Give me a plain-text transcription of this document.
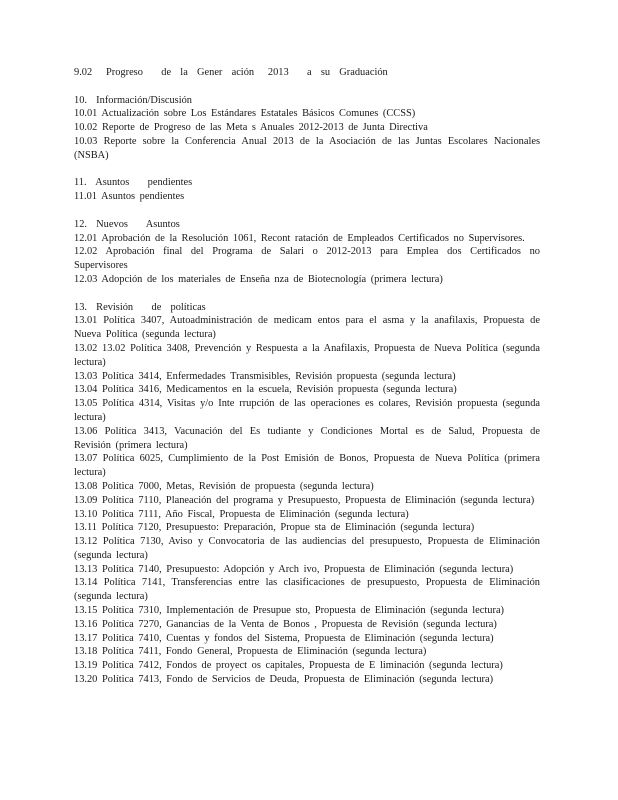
9.02   Progreso    de  la  Gener  ación   2013    a  su  Graduación
10.  Información/Discusión
10.01 Actualización sobre Los Estándares Estatales Básicos Comunes (CCSS)
10.02 Reporte de Progreso de las Meta s Anuales 2012-2013 de Junta Directiva
10.03 Reporte sobre la Conferencia Anual 2013 de la Asociación de las Juntas Escolares Nacionales (NSBA)
11.  Asuntos    pendientes
11.01 Asuntos pendientes
12.  Nuevos    Asuntos
12.01 Aprobación de la Resolución 1061, Recont ratación de Empleados Certificados no Supervisores.
12.02 Aprobación final del Programa de Salari o 2012-2013 para Emplea dos Certificados no Supervisores
12.03 Adopción de los materiales de Enseña nza de Biotecnología (primera lectura)
13.  Revisión    de  políticas
13.01 Política 3407, Autoadministración de medicam entos para el asma y la anafilaxis, Propuesta de Nueva Política (segunda lectura)
13.02 13.02 Política 3408, Prevención y Respuesta a la Anafilaxis, Propuesta de Nueva Política (segunda lectura)
13.03 Política 3414, Enfermedades Transmisibles, Revisión propuesta (segunda lectura)
13.04 Política 3416, Medicamentos en la escuela, Revisión propuesta (segunda lectura)
13.05 Política 4314, Visitas y/o Inte rrupción de las operaciones es colares, Revisión propuesta (segunda lectura)
13.06 Política 3413, Vacunación del Es tudiante y Condiciones Mortal es de Salud, Propuesta de Revisión (primera lectura)
13.07 Política 6025, Cumplimiento de la Post Emisión de Bonos, Propuesta de Nueva Política (primera lectura)
13.08 Política 7000, Metas, Revisión de propuesta (segunda lectura)
13.09 Política 7110, Planeación del programa y Presupuesto, Propuesta de Eliminación (segunda lectura)
13.10 Política 7111, Año Fiscal, Propuesta de Eliminación (segunda lectura)
13.11 Política 7120, Presupuesto: Preparación, Propue sta de Eliminación (segunda lectura)
13.12 Política 7130, Aviso y Convocatoria de las audiencias del presupuesto, Propuesta de Eliminación (segunda lectura)
13.13 Política 7140, Presupuesto: Adopción y Arch ivo, Propuesta de Eliminación (segunda lectura)
13.14 Política 7141, Transferencias entre las clasificaciones de presupuesto, Propuesta de Eliminación (segunda lectura)
13.15 Política 7310, Implementación de Presupue sto, Propuesta de Eliminación (segunda lectura)
13.16 Política 7270, Ganancias de la Venta de Bonos , Propuesta de Revisión (segunda lectura)
13.17 Política 7410, Cuentas y fondos del Sistema, Propuesta de Eliminación (segunda lectura)
13.18 Política 7411, Fondo General, Propuesta de Eliminación (segunda lectura)
13.19 Política 7412, Fondos de proyect os capitales, Propuesta de E liminación (segunda lectura)
13.20 Política 7413, Fondo de Servicios de Deuda, Propuesta de Eliminación (segunda lectura)
